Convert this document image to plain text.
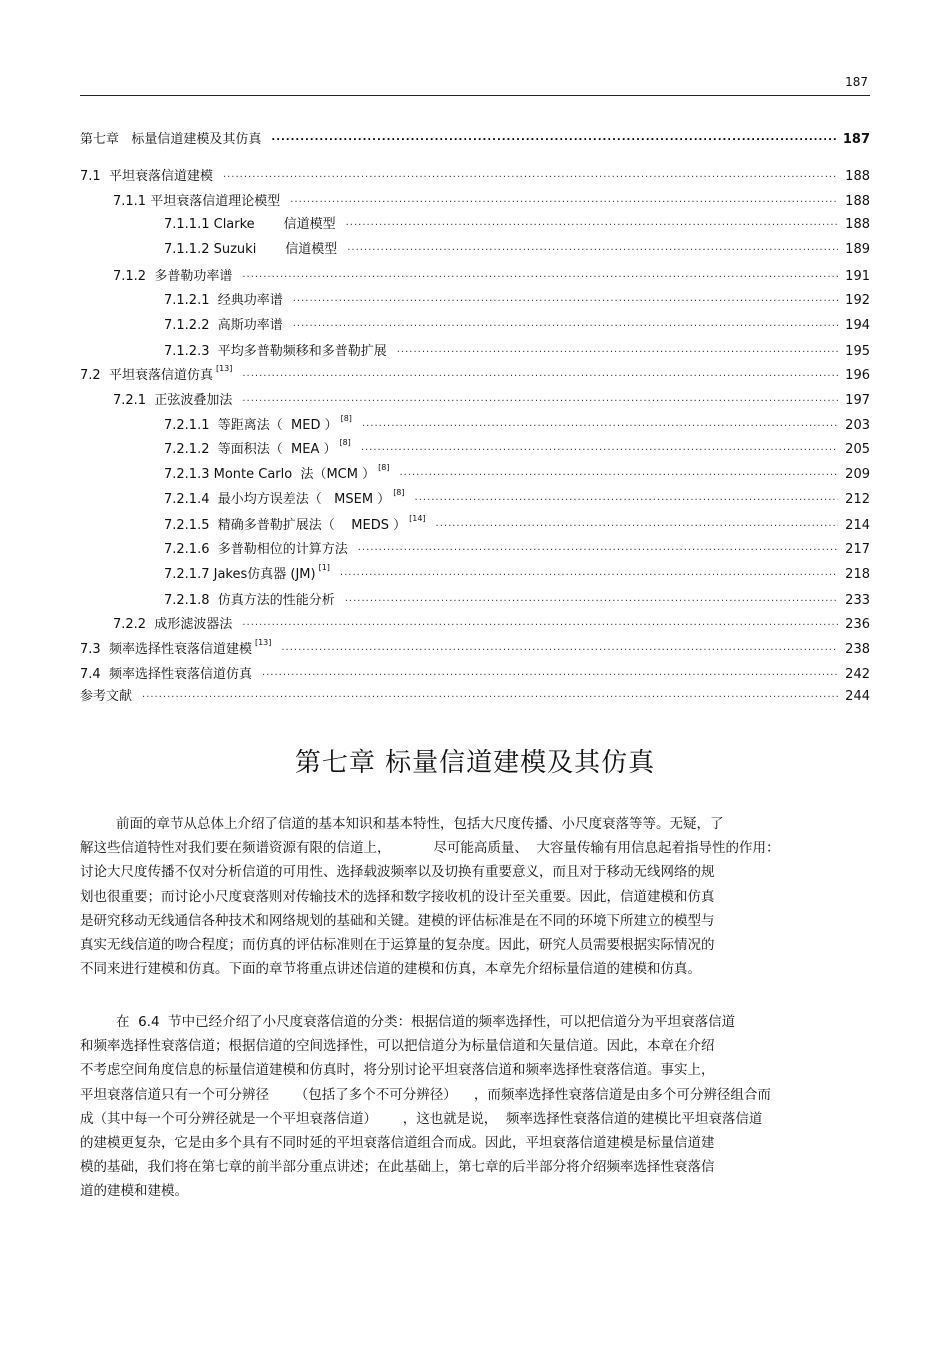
187
第七章   标量信道建模及其仿真 .....	187
7.1  平坦衰落信道建模 .....	188
7.1.1 平坦衰落信道理论模型 .....	188
7.1.1.1 Clarke       信道模型 .....	188
7.1.1.2 Suzuki       信道模型 .....	189
7.1.2  多普勒功率谱 .....	191
7.1.2.1  经典功率谱 .....	192
7.1.2.2  高斯功率谱 .....	194
7.1.2.3  平均多普勒频移和多普勒扩展 .....	195
7.2  平坦衰落信道仿真 [13] .....	196
7.2.1  正弦波叠加法 .....	197
7.2.1.1  等距离法（  MED ） [8] .....	203
7.2.1.2  等面积法（  MEA ） [8] .....	205
7.2.1.3 Monte Carlo  法（MCM ） [8] .....	209
7.2.1.4  最小均方误差法（   MSEM ） [8] .....	212
7.2.1.5  精确多普勒扩展法（    MEDS ） [14] .....	214
7.2.1.6  多普勒相位的计算方法 .....	217
7.2.1.7 Jakes仿真器 (JM) [1] .....	218
7.2.1.8  仿真方法的性能分析 .....	233
7.2.2  成形滤波器法 .....	236
7.3  频率选择性衰落信道建模 [13] .....	238
7.4  频率选择性衰落信道仿真 .....	242
参考文献 .....	244
第七章 标量信道建模及其仿真
前面的章节从总体上介绍了信道的基本知识和基本特性，包括大尺度传播、小尺度衰落等等。无疑，了
解这些信道特性对我们要在频谱资源有限的信道上，          尽可能高质量、  大容量传输有用信息起着指导性的作用：
讨论大尺度传播不仅对分析信道的可用性、选择载波频率以及切换有重要意义，而且对于移动无线网络的规
划也很重要；而讨论小尺度衰落则对传输技术的选择和数字接收机的设计至关重要。因此，信道建模和仿真
是研究移动无线通信各种技术和网络规划的基础和关键。建模的评估标准是在不同的环境下所建立的模型与
真实无线信道的吻合程度；而仿真的评估标准则在于运算量的复杂度。因此，研究人员需要根据实际情况的
不同来进行建模和仿真。下面的章节将重点讲述信道的建模和仿真，本章先介绍标量信道的建模和仿真。
在  6.4  节中已经介绍了小尺度衰落信道的分类：根据信道的频率选择性，可以把信道分为平坦衰落信道
和频率选择性衰落信道；根据信道的空间选择性，可以把信道分为标量信道和矢量信道。因此，本章在介绍
不考虑空间角度信息的标量信道建模和仿真时，将分别讨论平坦衰落信道和频率选择性衰落信道。事实上，
平坦衰落信道只有一个可分辨径      （包括了多个不可分辨径）    ，而频率选择性衰落信道是由多个可分辨径组合而
成（其中每一个可分辨径就是一个平坦衰落信道）      ，这也就是说，  频率选择性衰落信道的建模比平坦衰落信道
的建模更复杂，它是由多个具有不同时延的平坦衰落信道组合而成。因此，平坦衰落信道建模是标量信道建
模的基础，我们将在第七章的前半部分重点讲述；在此基础上，第七章的后半部分将介绍频率选择性衰落信
道的建模和建模。
